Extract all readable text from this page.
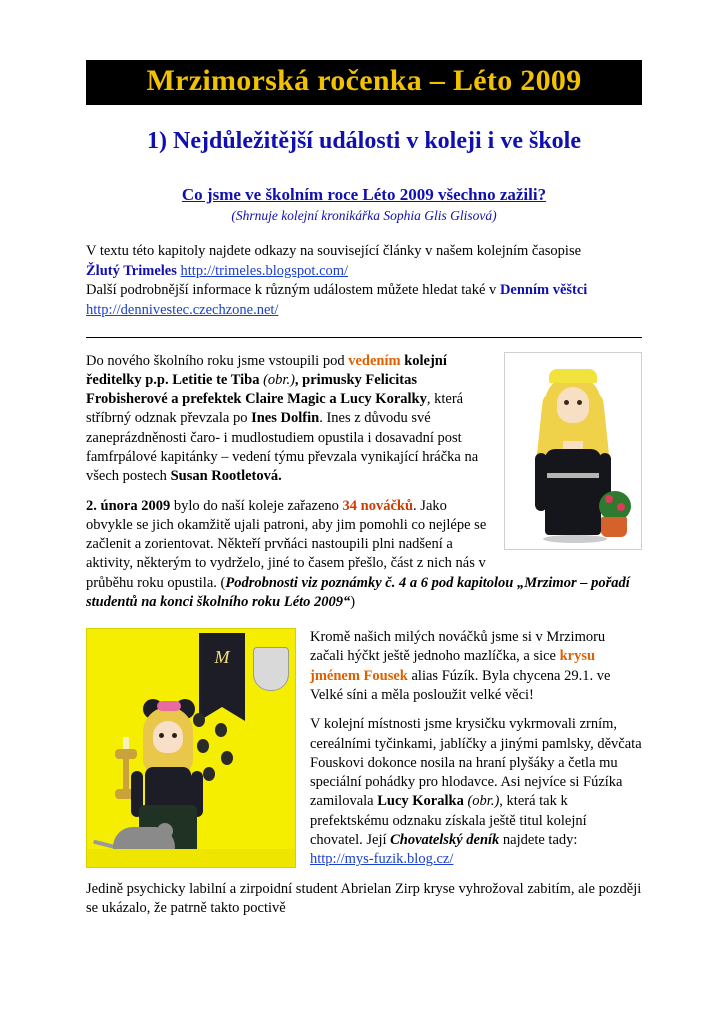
Mrzimorská ročenka – Léto 2009
1) Nejdůležitější události v koleji i ve škole
Co jsme ve školním roce Léto 2009 všechno zažili?
(Shrnuje kolejní kronikářka Sophia Glis Glisová)
V textu této kapitoly najdete odkazy na související články v našem kolejním časopise
Žlutý Trimeles http://trimeles.blogspot.com/
Další podrobnější informace k různým událostem můžete hledat také v Denním věštci http://dennivestec.czechzone.net/

Do nového školního roku jsme vstoupili pod vedením kolejní ředitelky p.p. Letitie te Tiba (obr.), primusky Felicitas Frobisherové a prefektek Claire Magic a Lucy Koralky, která stříbrný odznak převzala po Ines Dolfin. Ines z důvodu své zaneprázdněnosti čaro- i mudlostudiem opustila i dosavadní post famfrpálové kapitánky – vedení týmu převzala vynikající hráčka na všech postech Susan Rootletová.

2. února 2009 bylo do naší koleje zařazeno 34 nováčků. Jako obvykle se jich okamžitě ujali patroni, aby jim pomohli co nejlépe se začlenit a zorientovat. Někteří prvňáci nastoupili plni nadšení a aktivity, některým to vydrželo, jiné to časem přešlo, část z nich nás v průběhu roku opustila. (Podrobnosti viz poznámky č. 4 a 6 pod kapitolou „Mrzimor – pořadí studentů na konci školního roku Léto 2009“)

M

Kromě našich milých nováčků jsme si v Mrzimoru začali hýčkt ještě jednoho mazlíčka, a sice krysu jménem Fousek alias Fúzík. Byla chycena 29.1. ve Velké síni a měla posloužit velké věci!

V kolejní místnosti jsme krysičku vykrmovali zrním, cereálními tyčinkami, jablíčky a jinými pamlsky, děvčata Fouskovi dokonce nosila na hraní plyšáky a četla mu speciální pohádky pro hlodavce. Asi nejvíce si Fúzíka zamilovala Lucy Koralka (obr.), která tak k prefektskému odznaku získala ještě titul kolejní chovatel. Její Chovatelský deník najdete tady: http://mys-fuzik.blog.cz/

Jedině psychicky labilní a zirpoidní student Abrielan Zirp kryse vyhrožoval zabitím, ale později se ukázalo, že patrně takto poctivě
